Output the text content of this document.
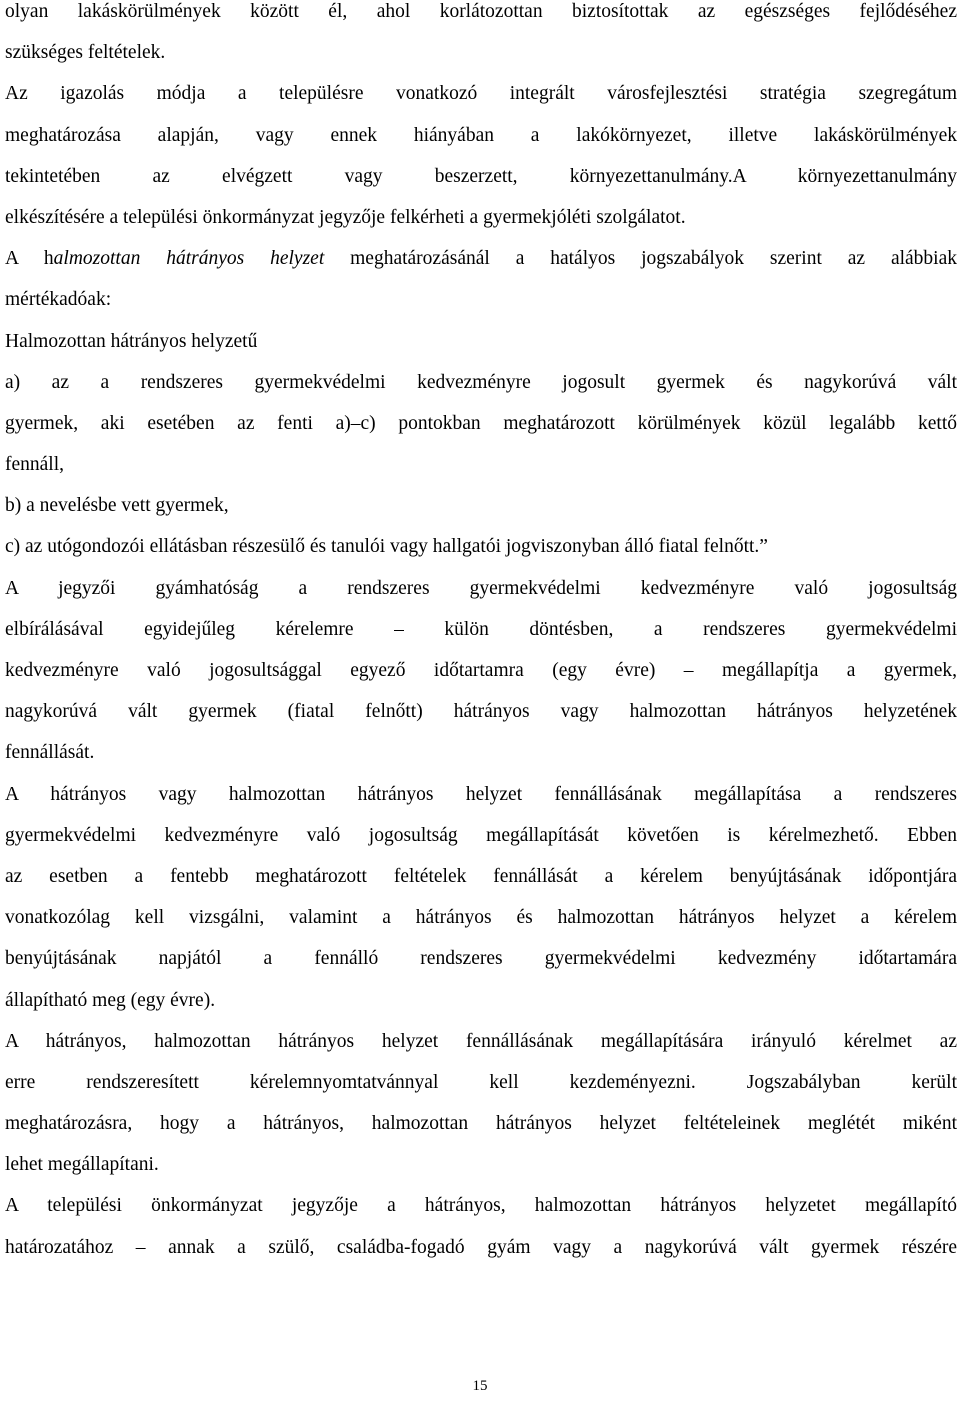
olyan lakáskörülmények között él, ahol korlátozottan biztosítottak az egészséges fejlődéséhez
szükséges feltételek.
Az igazolás módja a településre vonatkozó integrált városfejlesztési stratégia szegregátum
meghatározása alapján, vagy ennek hiányában a lakókörnyezet, illetve lakáskörülmények
tekintetében az elvégzett vagy beszerzett, környezettanulmány.A környezettanulmány
elkészítésére a települési önkormányzat jegyzője felkérheti a gyermekjóléti szolgálatot.
A halmozottan hátrányos helyzet meghatározásánál a hatályos jogszabályok szerint az alábbiak
mértékadóak:
Halmozottan hátrányos helyzetű
a) az a rendszeres gyermekvédelmi kedvezményre jogosult gyermek és nagykorúvá vált
gyermek, aki esetében az fenti a)–c) pontokban meghatározott körülmények közül legalább kettő
fennáll,
b) a nevelésbe vett gyermek,
c) az utógondozói ellátásban részesülő és tanulói vagy hallgatói jogviszonyban álló fiatal felnőtt.”
A jegyzői gyámhatóság a rendszeres gyermekvédelmi kedvezményre való jogosultság
elbírálásával egyidejűleg kérelemre – külön döntésben, a rendszeres gyermekvédelmi
kedvezményre való jogosultsággal egyező időtartamra (egy évre) – megállapítja a gyermek,
nagykorúvá vált gyermek (fiatal felnőtt) hátrányos vagy halmozottan hátrányos helyzetének
fennállását.
A hátrányos vagy halmozottan hátrányos helyzet fennállásának megállapítása a rendszeres
gyermekvédelmi kedvezményre való jogosultság megállapítását követően is kérelmezhető. Ebben
az esetben a fentebb meghatározott feltételek fennállását a kérelem benyújtásának időpontjára
vonatkozólag kell vizsgálni, valamint a hátrányos és halmozottan hátrányos helyzet a kérelem
benyújtásának napjától a fennálló rendszeres gyermekvédelmi kedvezmény időtartamára
állapítható meg (egy évre).
A hátrányos, halmozottan hátrányos helyzet fennállásának megállapítására irányuló kérelmet az
erre rendszeresített kérelemnyomtatvánnyal kell kezdeményezni. Jogszabályban került
meghatározásra, hogy a hátrányos, halmozottan hátrányos helyzet feltételeinek meglétét miként
lehet megállapítani.
A települési önkormányzat jegyzője a hátrányos, halmozottan hátrányos helyzetet megállapító
határozatához – annak a szülő, családba-fogadó gyám vagy a nagykorúvá vált gyermek részére
15
